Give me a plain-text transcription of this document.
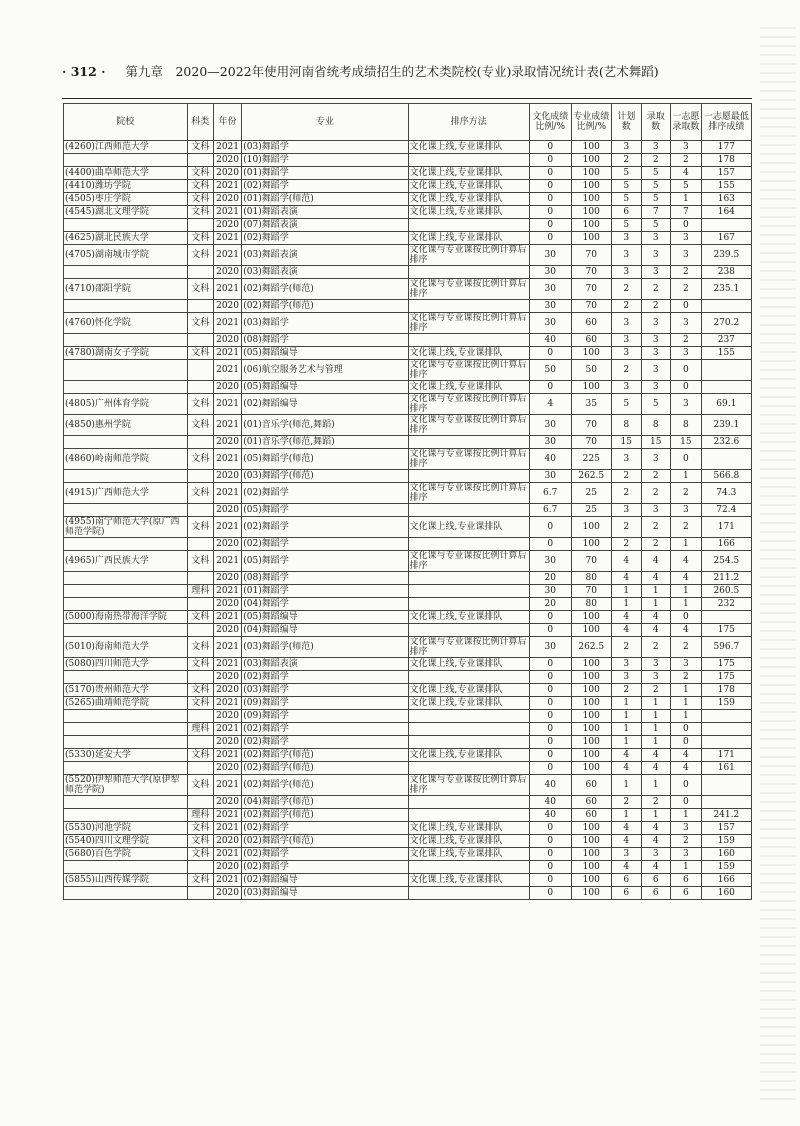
· 312 · 第九章　2020—2022年使用河南省统考成绩招生的艺术类院校(专业)录取情况统计表(艺术舞蹈)
院校	科类	年份	专业	排序方法	文化成绩比例/%	专业成绩比例/%	计划数	录取数	一志愿录取数	一志愿最低排序成绩
(4260)江西师范大学	文科	2021	(03)舞蹈学	文化课上线,专业课排队	0	100	3	3	3	177
		2020	(10)舞蹈学		0	100	2	2	2	178
(4400)曲阜师范大学	文科	2020	(01)舞蹈学	文化课上线,专业课排队	0	100	5	5	4	157
(4410)潍坊学院	文科	2021	(02)舞蹈学	文化课上线,专业课排队	0	100	5	5	5	155
(4505)枣庄学院	文科	2020	(01)舞蹈学(师范)	文化课上线,专业课排队	0	100	5	5	1	163
(4545)湖北文理学院	文科	2021	(01)舞蹈表演	文化课上线,专业课排队	0	100	6	7	7	164
		2020	(07)舞蹈表演		0	100	5	5	0	
(4625)湖北民族大学	文科	2021	(02)舞蹈学	文化课上线,专业课排队	0	100	3	3	3	167
(4705)湖南城市学院	文科	2021	(03)舞蹈表演	文化课与专业课按比例计算后排序	30	70	3	3	3	239.5
		2020	(03)舞蹈表演		30	70	3	3	2	238
(4710)邵阳学院	文科	2021	(02)舞蹈学(师范)	文化课与专业课按比例计算后排序	30	70	2	2	2	235.1
		2020	(02)舞蹈学(师范)		30	70	2	2	0	
(4760)怀化学院	文科	2021	(03)舞蹈学	文化课与专业课按比例计算后排序	30	60	3	3	3	270.2
		2020	(08)舞蹈学		40	60	3	3	2	237
(4780)湖南女子学院	文科	2021	(05)舞蹈编导	文化课上线,专业课排队	0	100	3	3	3	155
		2021	(06)航空服务艺术与管理	文化课与专业课按比例计算后排序	50	50	2	3	0	
		2020	(05)舞蹈编导	文化课上线,专业课排队	0	100	3	3	0	
(4805)广州体育学院	文科	2021	(02)舞蹈编导	文化课与专业课按比例计算后排序	4	35	5	5	3	69.1
(4850)惠州学院	文科	2021	(01)音乐学(师范,舞蹈)	文化课与专业课按比例计算后排序	30	70	8	8	8	239.1
		2020	(01)音乐学(师范,舞蹈)		30	70	15	15	15	232.6
(4860)岭南师范学院	文科	2021	(05)舞蹈学(师范)	文化课与专业课按比例计算后排序	40	225	3	3	0	
		2020	(03)舞蹈学(师范)		30	262.5	2	2	1	566.8
(4915)广西师范大学	文科	2021	(02)舞蹈学	文化课与专业课按比例计算后排序	6.7	25	2	2	2	74.3
		2020	(05)舞蹈学		6.7	25	3	3	3	72.4
(4955)南宁师范大学(原广西师范学院)	文科	2021	(02)舞蹈学	文化课上线,专业课排队	0	100	2	2	2	171
		2020	(02)舞蹈学		0	100	2	2	1	166
(4965)广西民族大学	文科	2021	(05)舞蹈学	文化课与专业课按比例计算后排序	30	70	4	4	4	254.5
		2020	(08)舞蹈学		20	80	4	4	4	211.2
	理科	2021	(01)舞蹈学		30	70	1	1	1	260.5
		2020	(04)舞蹈学		20	80	1	1	1	232
(5000)海南热带海洋学院	文科	2021	(05)舞蹈编导	文化课上线,专业课排队	0	100	4	4	0	
		2020	(04)舞蹈编导		0	100	4	4	4	175
(5010)海南师范大学	文科	2021	(03)舞蹈学(师范)	文化课与专业课按比例计算后排序	30	262.5	2	2	2	596.7
(5080)四川师范大学	文科	2021	(03)舞蹈表演	文化课上线,专业课排队	0	100	3	3	3	175
		2020	(02)舞蹈学		0	100	3	3	2	175
(5170)贵州师范大学	文科	2020	(03)舞蹈学	文化课上线,专业课排队	0	100	2	2	1	178
(5265)曲靖师范学院	文科	2021	(09)舞蹈学	文化课上线,专业课排队	0	100	1	1	1	159
		2020	(09)舞蹈学		0	100	1	1	1	
	理科	2021	(02)舞蹈学		0	100	1	1	0	
		2020	(02)舞蹈学		0	100	1	1	0	
(5330)延安大学	文科	2021	(02)舞蹈学(师范)	文化课上线,专业课排队	0	100	4	4	4	171
		2020	(02)舞蹈学(师范)		0	100	4	4	4	161
(5520)伊犁师范大学(原伊犁师范学院)	文科	2021	(02)舞蹈学(师范)	文化课与专业课按比例计算后排序	40	60	1	1	0	
		2020	(04)舞蹈学(师范)		40	60	2	2	0	
	理科	2021	(02)舞蹈学(师范)		40	60	1	1	1	241.2
(5530)河池学院	文科	2021	(02)舞蹈学	文化课上线,专业课排队	0	100	4	4	3	157
(5540)四川文理学院	文科	2020	(02)舞蹈学(师范)	文化课上线,专业课排队	0	100	4	4	2	159
(5680)百色学院	文科	2021	(02)舞蹈学	文化课上线,专业课排队	0	100	3	3	3	160
		2020	(02)舞蹈学		0	100	4	4	1	159
(5855)山西传媒学院	文科	2021	(02)舞蹈编导	文化课上线,专业课排队	0	100	6	6	6	166
		2020	(03)舞蹈编导		0	100	6	6	6	160
